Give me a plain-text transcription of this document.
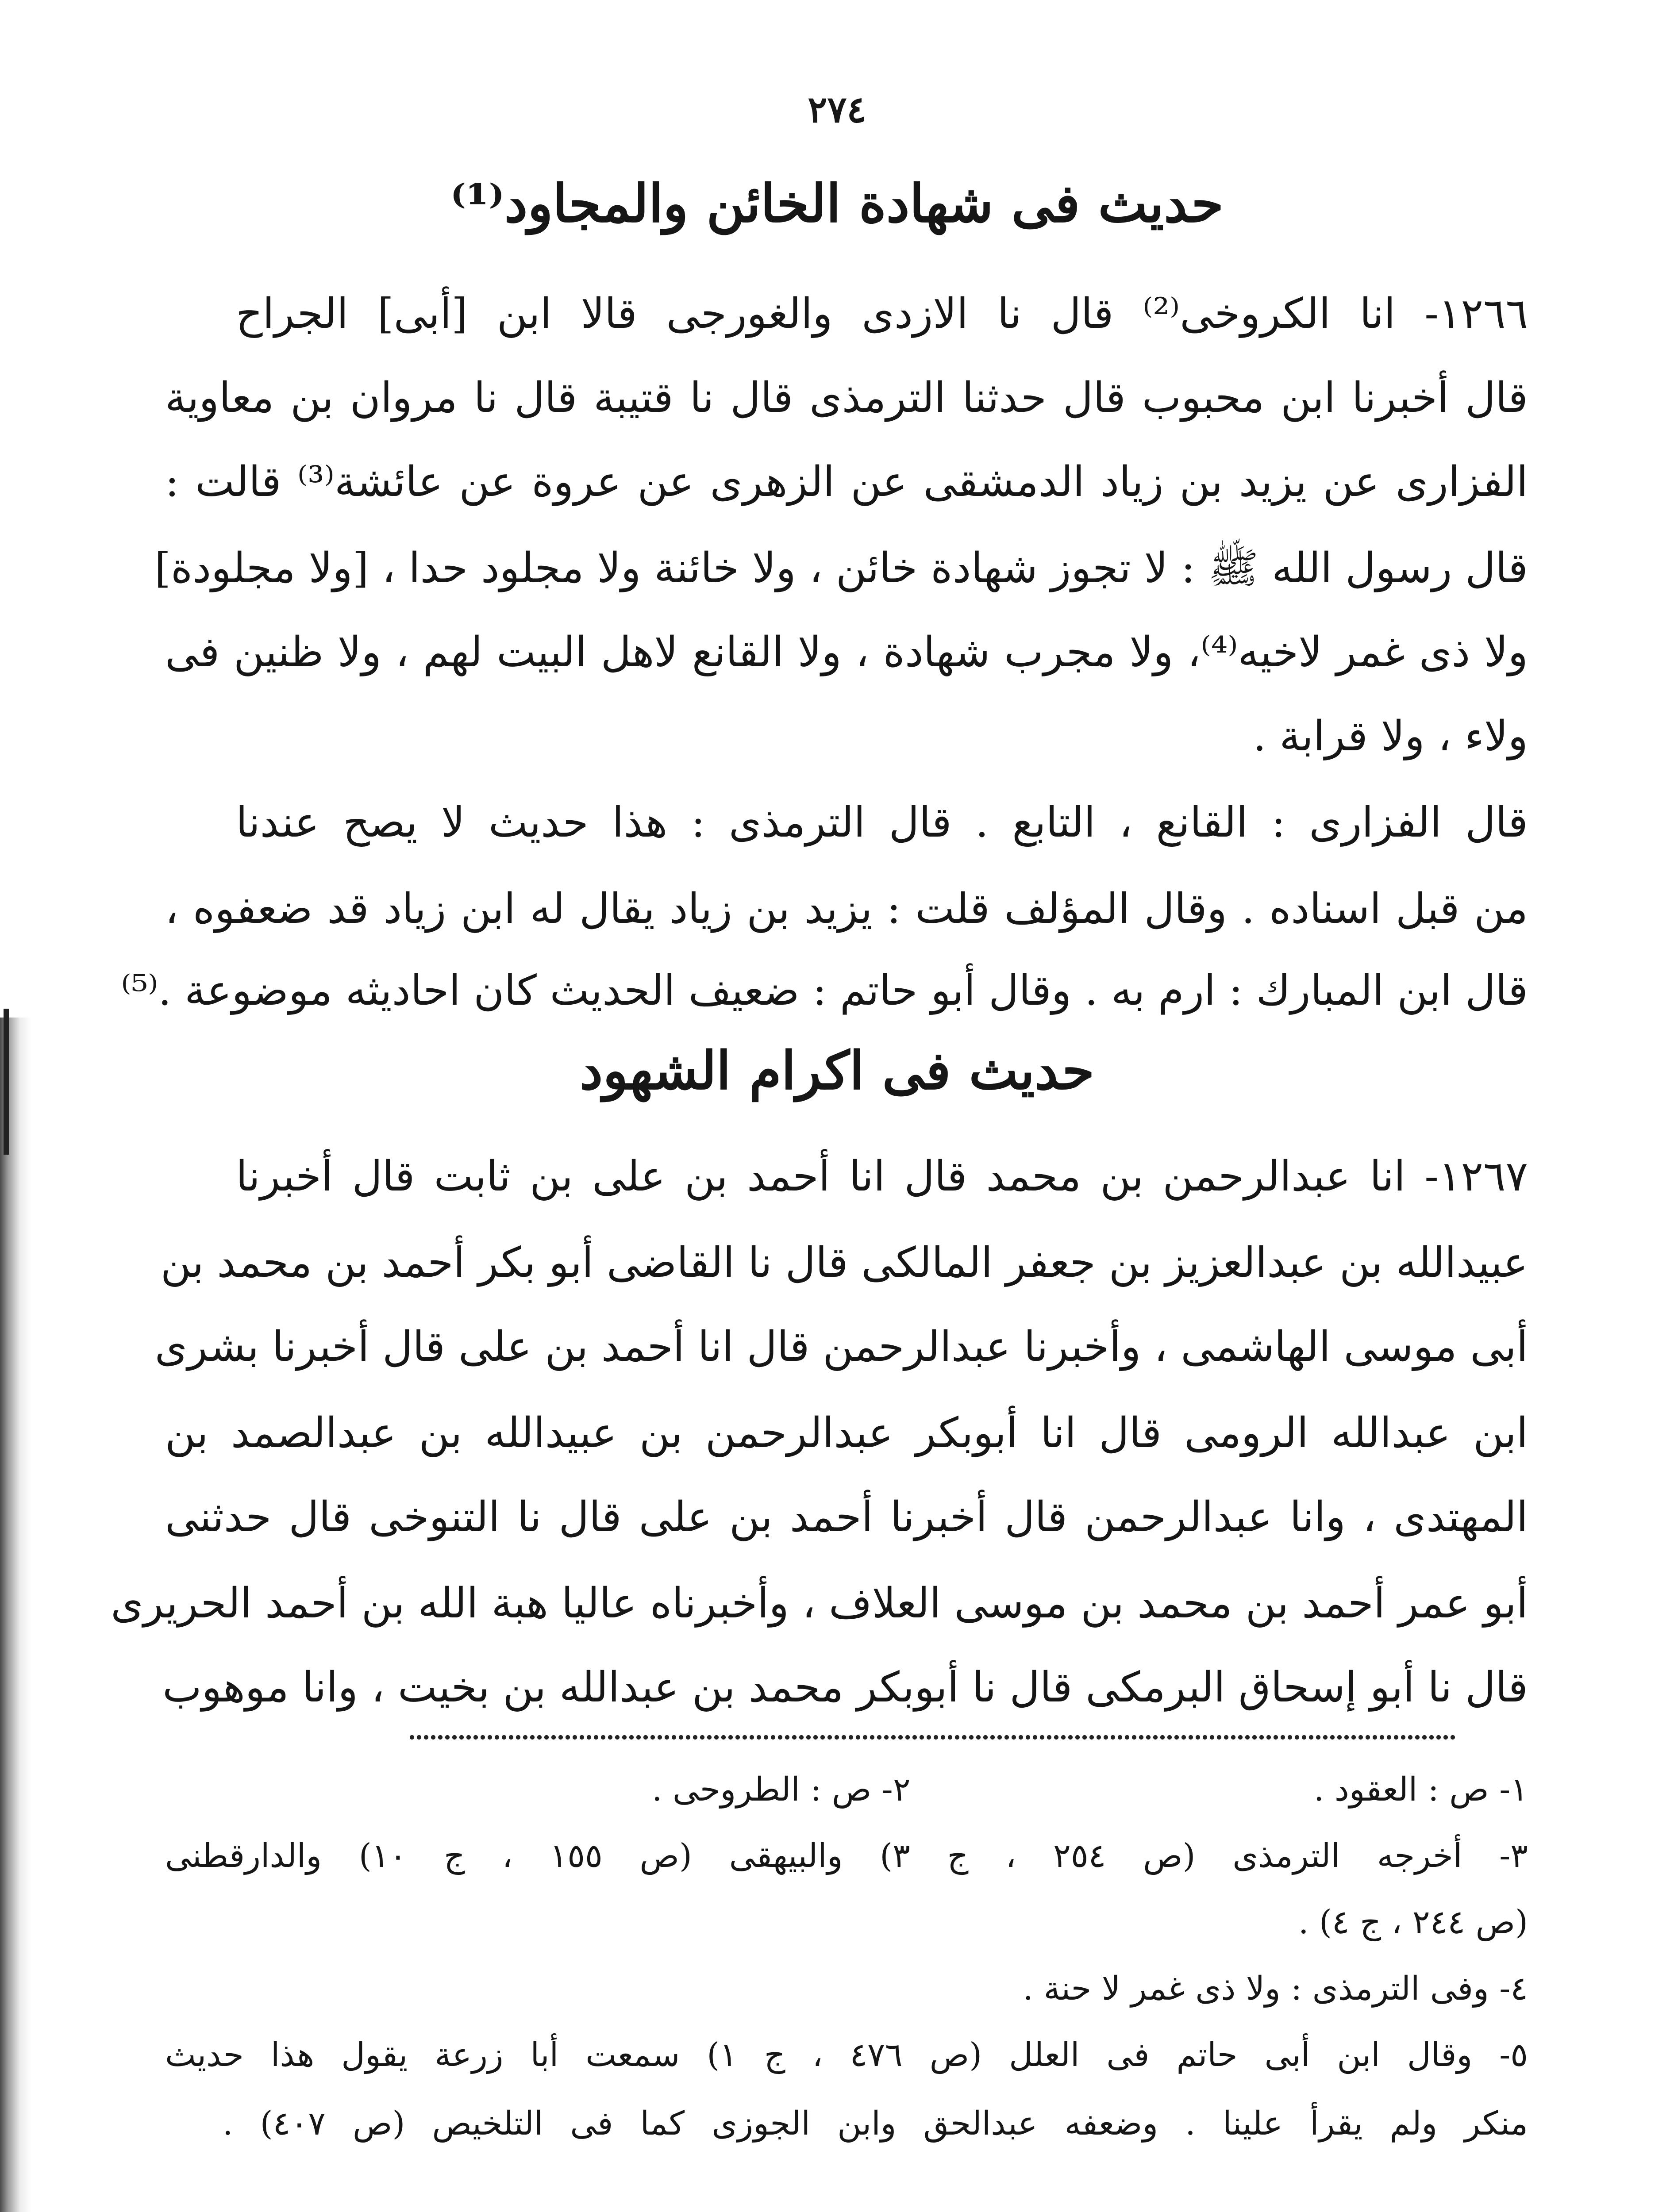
٢٧٤
حديث فى شهادة الخائن والمجاود⁽¹⁾
١٢٦٦- انا الكروخى⁽²⁾ قال نا الازدى والغورجى قالا ابن [أبى] الجراح
قال أخبرنا ابن محبوب قال حدثنا الترمذى قال نا قتيبة قال نا مروان بن معاوية
الفزارى عن يزيد بن زياد الدمشقى عن الزهرى عن عروة عن عائشة⁽³⁾ قالت :
قال رسول الله ﷺ : لا تجوز شهادة خائن ، ولا خائنة ولا مجلود حدا ، [ولا مجلودة]
ولا ذى غمر لاخيه⁽⁴⁾، ولا مجرب شهادة ، ولا القانع لاهل البيت لهم ، ولا ظنين فى
ولاء ، ولا قرابة .
قال الفزارى : القانع ، التابع . قال الترمذى : هذا حديث لا يصح عندنا
من قبل اسناده . وقال المؤلف قلت : يزيد بن زياد يقال له ابن زياد قد ضعفوه ،
قال ابن المبارك : ارم به . وقال أبو حاتم : ضعيف الحديث كان احاديثه موضوعة .⁽⁵⁾
حديث فى اكرام الشهود
١٢٦٧- انا عبدالرحمن بن محمد قال انا أحمد بن على بن ثابت قال أخبرنا
عبيدالله بن عبدالعزيز بن جعفر المالكى قال نا القاضى أبو بكر أحمد بن محمد بن
أبى موسى الهاشمى ، وأخبرنا عبدالرحمن قال انا أحمد بن على قال أخبرنا بشرى
ابن عبدالله الرومى قال انا أبوبكر عبدالرحمن بن عبيدالله بن عبدالصمد بن
المهتدى ، وانا عبدالرحمن قال أخبرنا أحمد بن على قال نا التنوخى قال حدثنى
أبو عمر أحمد بن محمد بن موسى العلاف ، وأخبرناه عاليا هبة الله بن أحمد الحريرى
قال نا أبو إسحاق البرمكى قال نا أبوبكر محمد بن عبدالله بن بخيت ، وانا موهوب
١- ص : العقود .
٢- ص : الطروحى .
٣- أخرجه الترمذى (ص ٢٥٤ ، ج ٣) والبيهقى (ص ١٥٥ ، ج ١٠) والدارقطنى
(ص ٢٤٤ ، ج ٤) .
٤- وفى الترمذى : ولا ذى غمر لا حنة .
٥- وقال ابن أبى حاتم فى العلل (ص ٤٧٦ ، ج ١) سمعت أبا زرعة يقول هذا حديث
منكر ولم يقرأ علينا . وضعفه عبدالحق وابن الجوزى كما فى التلخيص (ص ٤٠٧) .
